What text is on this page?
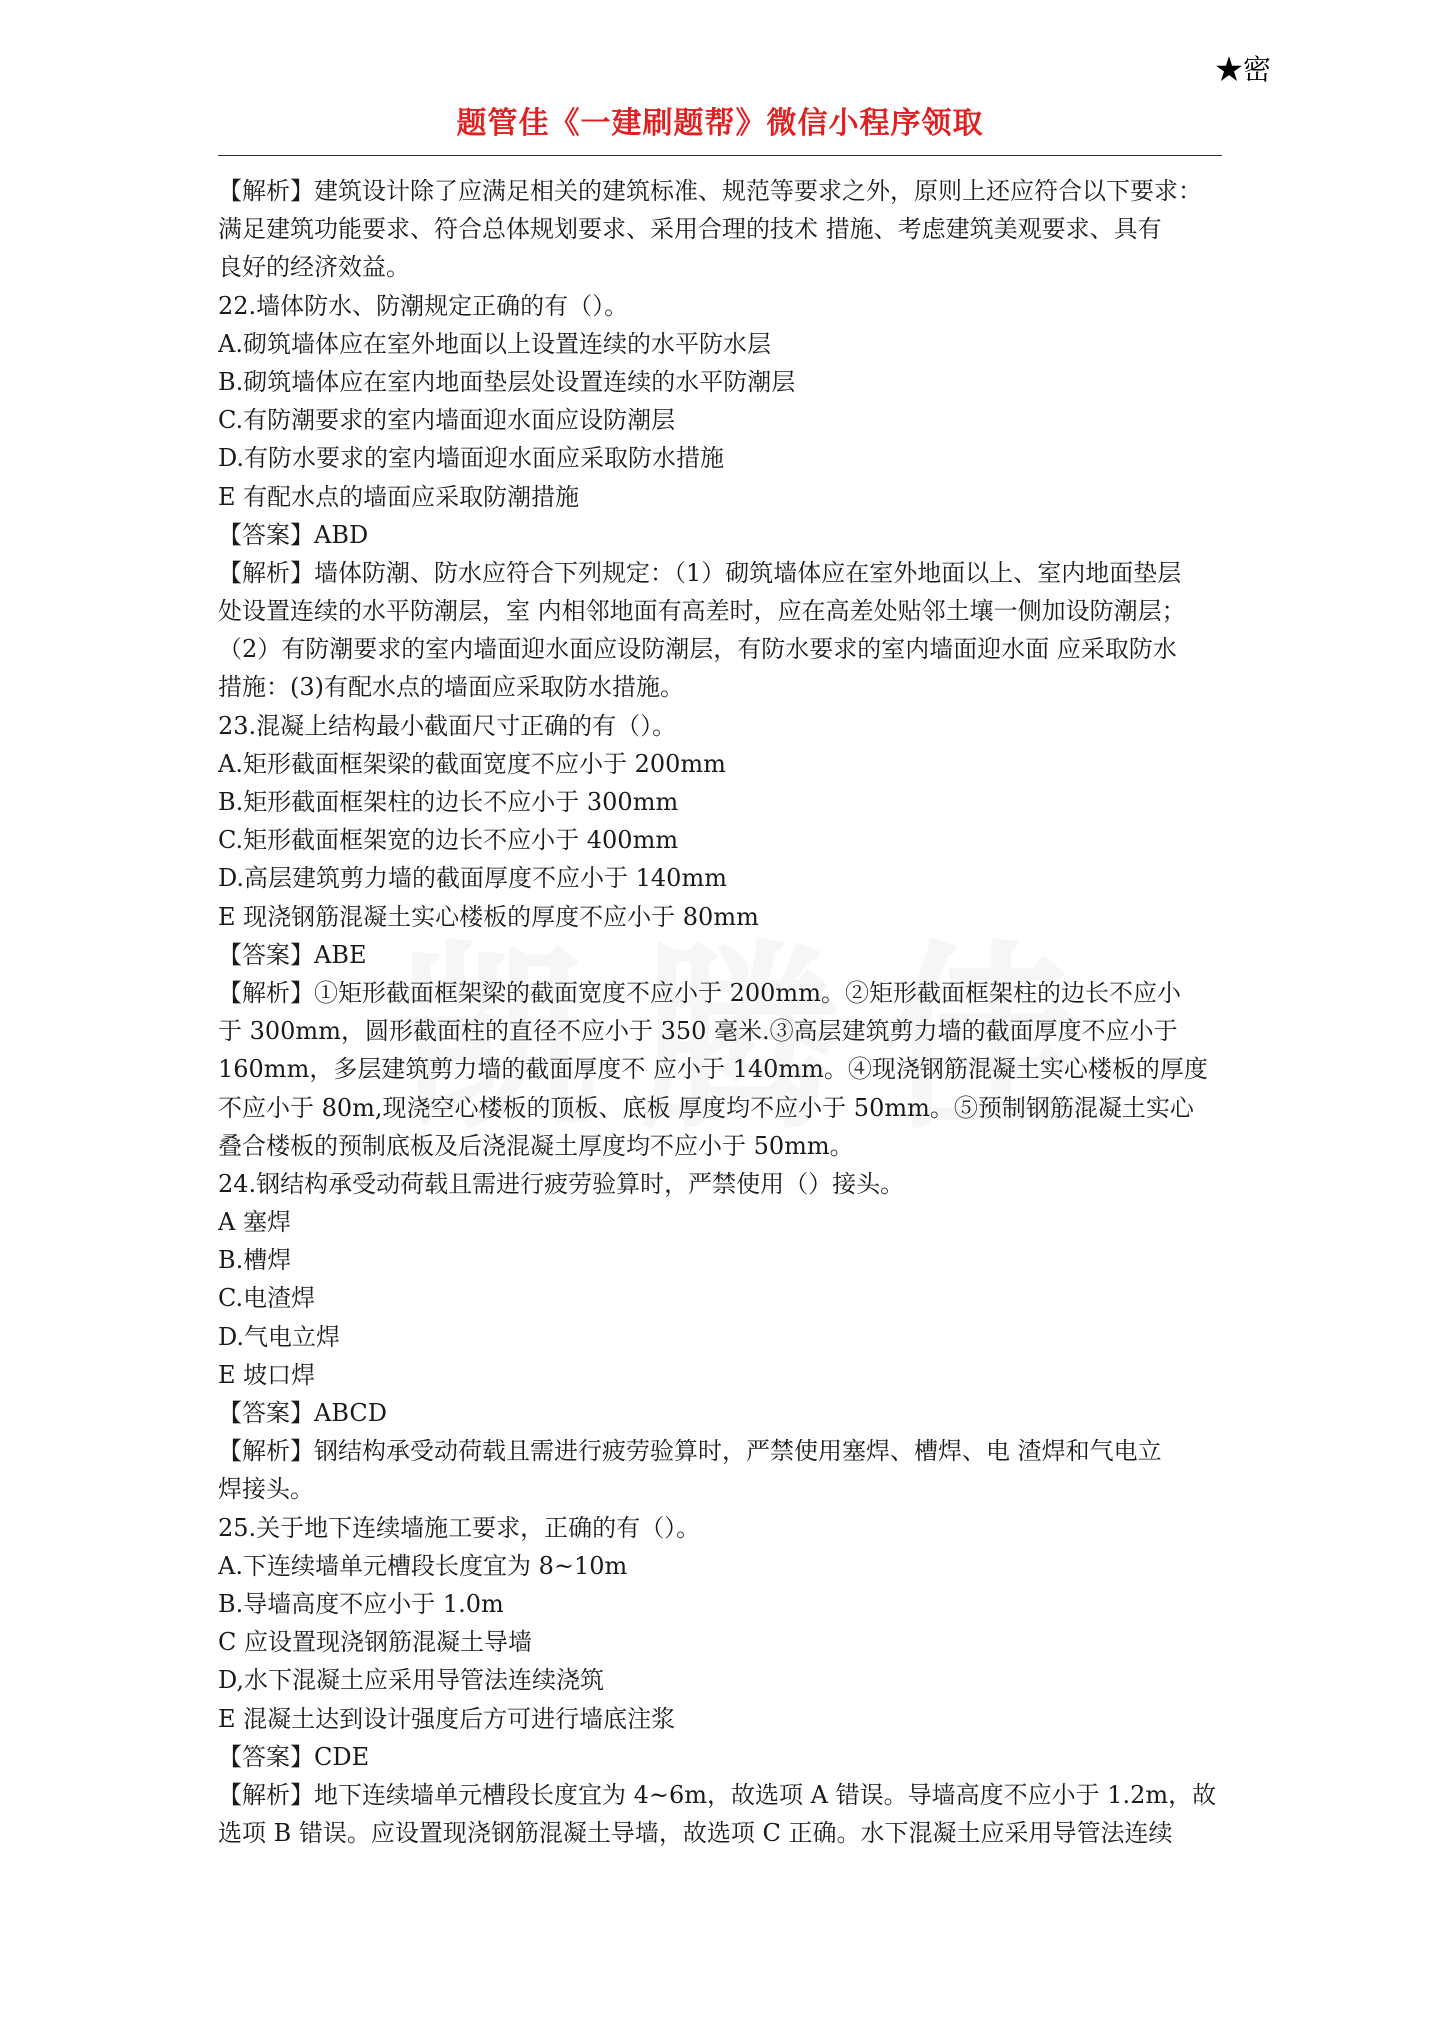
★密
题管佳《一建刷题帮》微信小程序领取
【解析】建筑设计除了应满足相关的建筑标准、规范等要求之外，原则上还应符合以下要求：
满足建筑功能要求、符合总体规划要求、采用合理的技术 措施、考虑建筑美观要求、具有
良好的经济效益。
22.墙体防水、防潮规定正确的有（）。
A.砌筑墙体应在室外地面以上设置连续的水平防水层
B.砌筑墙体应在室内地面垫层处设置连续的水平防潮层
C.有防潮要求的室内墙面迎水面应设防潮层
D.有防水要求的室内墙面迎水面应采取防水措施
E 有配水点的墙面应采取防潮措施
【答案】ABD
【解析】墙体防潮、防水应符合下列规定：（1）砌筑墙体应在室外地面以上、室内地面垫层
处设置连续的水平防潮层，室 内相邻地面有高差时，应在高差处贴邻土壤一侧加设防潮层；
（2）有防潮要求的室内墙面迎水面应设防潮层，有防水要求的室内墙面迎水面 应采取防水
措施：(3)有配水点的墙面应采取防水措施。
23.混凝上结构最小截面尺寸正确的有（）。
A.矩形截面框架梁的截面宽度不应小于 200mm
B.矩形截面框架柱的边长不应小于 300mm
C.矩形截面框架宽的边长不应小于 400mm
D.高层建筑剪力墙的截面厚度不应小于 140mm
E 现浇钢筋混凝土实心楼板的厚度不应小于 80mm
【答案】ABE
【解析】①矩形截面框架梁的截面宽度不应小于 200mm。②矩形截面框架柱的边长不应小
于 300mm，圆形截面柱的直径不应小于 350 毫米.③高层建筑剪力墙的截面厚度不应小于
160mm，多层建筑剪力墙的截面厚度不 应小于 140mm。④现浇钢筋混凝土实心楼板的厚度
不应小于 80m,现浇空心楼板的顶板、底板 厚度均不应小于 50mm。⑤预制钢筋混凝土实心
叠合楼板的预制底板及后浇混凝土厚度均不应小于 50mm。
24.钢结构承受动荷载且需进行疲劳验算时，严禁使用（）接头。
A 塞焊
B.槽焊
C.电渣焊
D.气电立焊
E 坡口焊
【答案】ABCD
【解析】钢结构承受动荷载且需进行疲劳验算时，严禁使用塞焊、槽焊、电 渣焊和气电立
焊接头。
25.关于地下连续墙施工要求，正确的有（）。
A.下连续墙单元槽段长度宜为 8~10m
B.导墙高度不应小于 1.0m
C 应设置现浇钢筋混凝土导墙
D,水下混凝土应采用导管法连续浇筑
E 混凝土达到设计强度后方可进行墙底注浆
【答案】CDE
【解析】地下连续墙单元槽段长度宜为 4~6m，故选项 A 错误。导墙高度不应小于 1.2m，故
选项 B 错误。应设置现浇钢筋混凝土导墙，故选项 C 正确。水下混凝土应采用导管法连续
